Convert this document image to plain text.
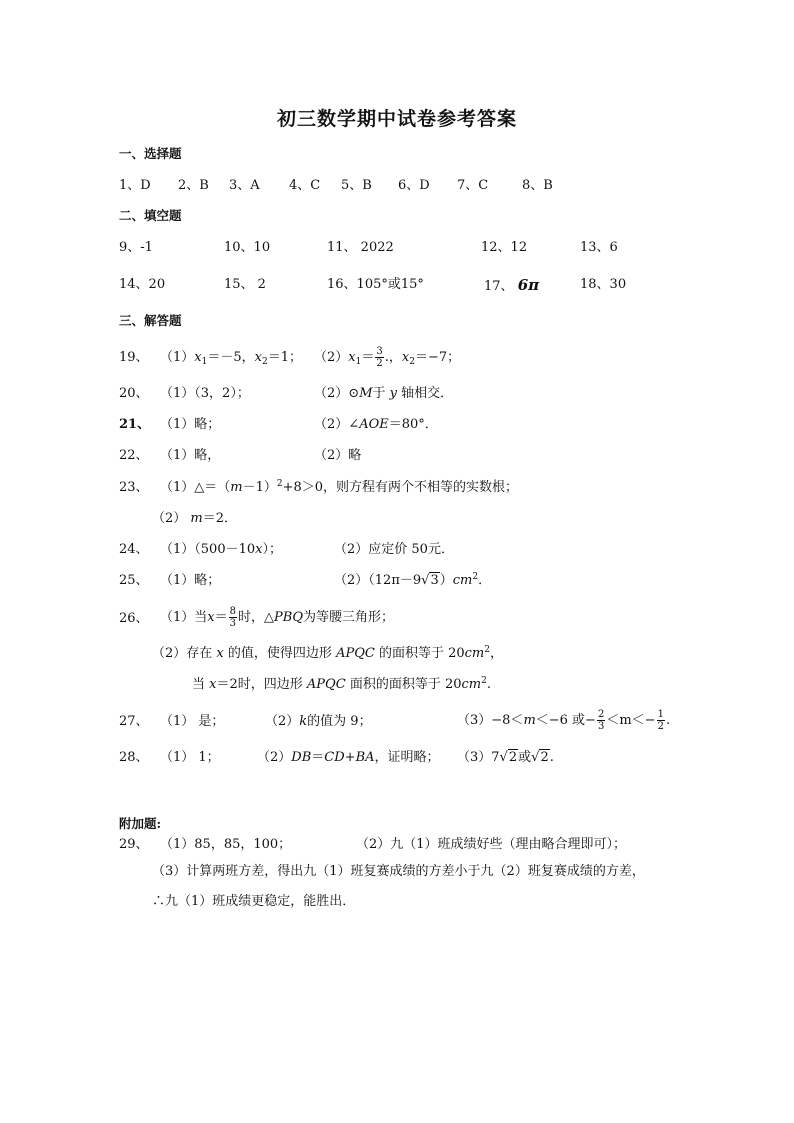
初三数学期中试卷参考答案
一、选择题
1、D 2、B 3、A 4、C 5、B 6、D 7、C	8、B
二、填空题
9、-1	10、10	11、 2022	12、12	13、6
14、20	15、 2	16、105°或15°	17、 6π	18、30
三、解答题
19、 $(1)x_1=-5$，$x_2=1$； $(2)x_1= \frac{3}{2}$ .，$x_2=-7$；
20、 （1）（3，2）；	（2）⊙M于 y 轴相交．
21、 （1）略；	（2）∠AOE＝80°．
22、 （1）略，	（2）略
23、 $(1)\triangle=(m-1)^2+8>0$，则方程有两个不相等的实数根；
（2） m＝2．
24、 （1）（500－10x）；	（2）应定价 50元．
25、 （1）略；	$(2)(12\pi-9√3)cm^2$．
26、 （1）当$x= \frac{8}{3}$ 时，△PBQ为等腰三角形；
（2）存在 x 的值，使得四边形 APQC 的面积等于 $20cm^2$，
当 x＝2时，四边形 APQC 面积的面积等于 $20cm^2$.
27、 （1） 是；	（2）k的值为 9；	（3）−8＜m＜−6 或− $\frac{2}{3} <m<- \frac{1}{2}$ .
28、 （1） 1；	（2）DB＝CD+BA，证明略； （3）7√2或√2.
附加题:
29、 （1）85，85，100；	（2）九（1）班成绩好些（理由略合理即可）；
（3）计算两班方差，得出九（1）班复赛成绩的方差小于九（2）班复赛成绩的方差，
∴九（1）班成绩更稳定，能胜出．
